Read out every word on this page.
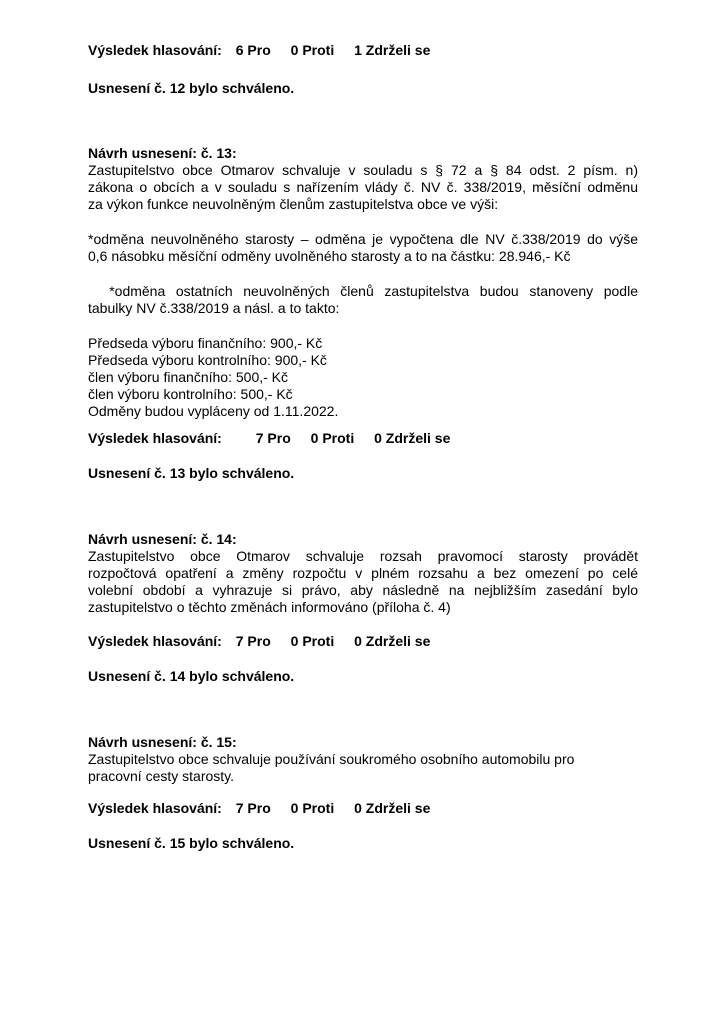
Výsledek hlasování: 6 Pro 0 Proti 1 Zdrželi se
Usnesení č. 12 bylo schváleno.
Návrh usnesení: č. 13:
Zastupitelstvo obce Otmarov schvaluje v souladu s § 72 a § 84 odst. 2 písm. n)
zákona o obcích a v souladu s nařízením vlády č. NV č. 338/2019, měsíční odměnu
za výkon funkce neuvolněným členům zastupitelstva obce ve výši:
*odměna neuvolněného starosty – odměna je vypočtena dle NV č.338/2019 do výše
0,6 násobku měsíční odměny uvolněného starosty a to na částku: 28.946,- Kč
*odměna ostatních neuvolněných členů zastupitelstva budou stanoveny podle
tabulky NV č.338/2019 a násl. a to takto:
Předseda výboru finančního: 900,- Kč
Předseda výboru kontrolního: 900,- Kč
člen výboru finančního: 500,- Kč
člen výboru kontrolního: 500,- Kč
Odměny budou vypláceny od 1.11.2022.
Výsledek hlasování: 7 Pro 0 Proti 0 Zdrželi se
Usnesení č. 13 bylo schváleno.
Návrh usnesení: č. 14:
Zastupitelstvo obce Otmarov schvaluje rozsah pravomocí starosty provádět
rozpočtová opatření a změny rozpočtu v plném rozsahu a bez omezení po celé
volební období a vyhrazuje si právo, aby následně na nejbližším zasedání bylo
zastupitelstvo o těchto změnách informováno (příloha č. 4)
Výsledek hlasování: 7 Pro 0 Proti 0 Zdrželi se
Usnesení č. 14 bylo schváleno.
Návrh usnesení: č. 15:
Zastupitelstvo obce schvaluje používání soukromého osobního automobilu pro
pracovní cesty starosty.
Výsledek hlasování: 7 Pro 0 Proti 0 Zdrželi se
Usnesení č. 15 bylo schváleno.
